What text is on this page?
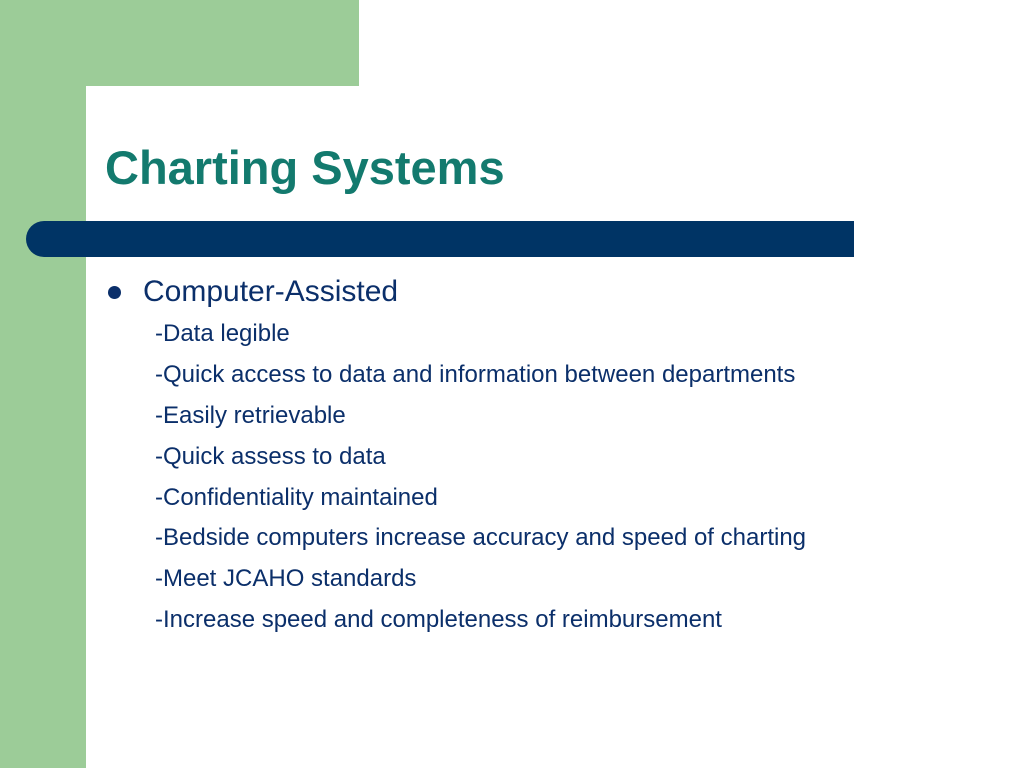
Charting Systems
Computer-Assisted
-Data legible
-Quick access to data and information between departments
-Easily retrievable
-Quick assess to data
-Confidentiality maintained
-Bedside computers increase accuracy and speed of charting
-Meet JCAHO standards
-Increase speed and completeness of reimbursement
